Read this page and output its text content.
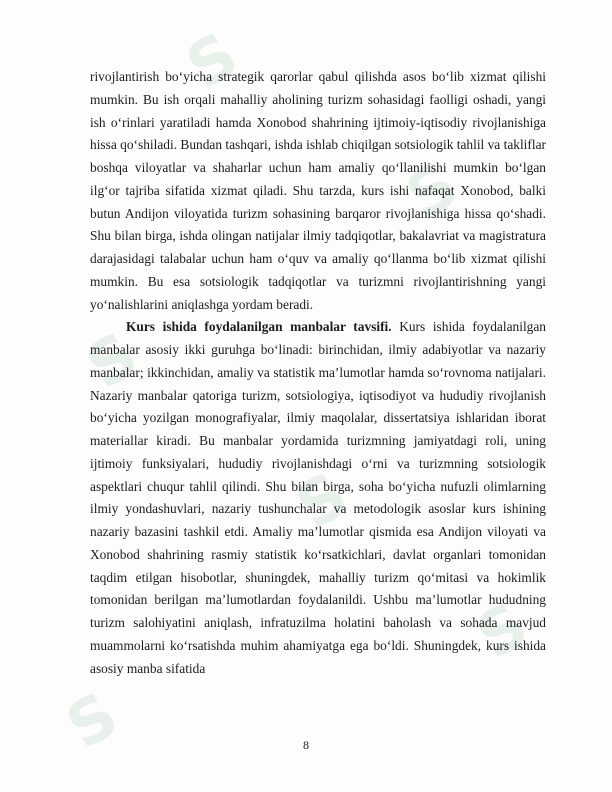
S
S
S
S
S
S

rivojlantirish bo‘yicha strategik qarorlar qabul qilishda asos bo‘lib xizmat qilishi mumkin. Bu ish orqali mahalliy aholining turizm sohasidagi faolligi oshadi, yangi ish o‘rinlari yaratiladi hamda Xonobod shahrining ijtimoiy-iqtisodiy rivojlanishiga hissa qo‘shiladi. Bundan tashqari, ishda ishlab chiqilgan sotsiologik tahlil va takliflar boshqa viloyatlar va shaharlar uchun ham amaliy qo‘llanilishi mumkin bo‘lgan ilg‘or tajriba sifatida xizmat qiladi. Shu tarzda, kurs ishi nafaqat Xonobod, balki butun Andijon viloyatida turizm sohasining barqaror rivojlanishiga hissa qo‘shadi. Shu bilan birga, ishda olingan natijalar ilmiy tadqiqotlar, bakalavriat va magistratura darajasidagi talabalar uchun ham o‘quv va amaliy qo‘llanma bo‘lib xizmat qilishi mumkin. Bu esa sotsiologik tadqiqotlar va turizmni rivojlantirishning yangi yo‘nalishlarini aniqlashga yordam beradi.

Kurs ishida foydalanilgan manbalar tavsifi. Kurs ishida foydalanilgan manbalar asosiy ikki guruhga bo‘linadi: birinchidan, ilmiy adabiyotlar va nazariy manbalar; ikkinchidan, amaliy va statistik ma’lumotlar hamda so‘rovnoma natijalari. Nazariy manbalar qatoriga turizm, sotsiologiya, iqtisodiyot va hududiy rivojlanish bo‘yicha yozilgan monografiyalar, ilmiy maqolalar, dissertatsiya ishlaridan iborat materiallar kiradi. Bu manbalar yordamida turizmning jamiyatdagi roli, uning ijtimoiy funksiyalari, hududiy rivojlanishdagi o‘rni va turizmning sotsiologik aspektlari chuqur tahlil qilindi. Shu bilan birga, soha bo‘yicha nufuzli olimlarning ilmiy yondashuvlari, nazariy tushunchalar va metodologik asoslar kurs ishining nazariy bazasini tashkil etdi. Amaliy ma’lumotlar qismida esa Andijon viloyati va Xonobod shahrining rasmiy statistik ko‘rsatkichlari, davlat organlari tomonidan taqdim etilgan hisobotlar, shuningdek, mahalliy turizm qo‘mitasi va hokimlik tomonidan berilgan ma’lumotlardan foydalanildi. Ushbu ma’lumotlar hududning turizm salohiyatini aniqlash, infratuzilma holatini baholash va sohada mavjud muammolarni ko‘rsatishda muhim ahamiyatga ega bo‘ldi. Shuningdek, kurs ishida asosiy manba sifatida

8
